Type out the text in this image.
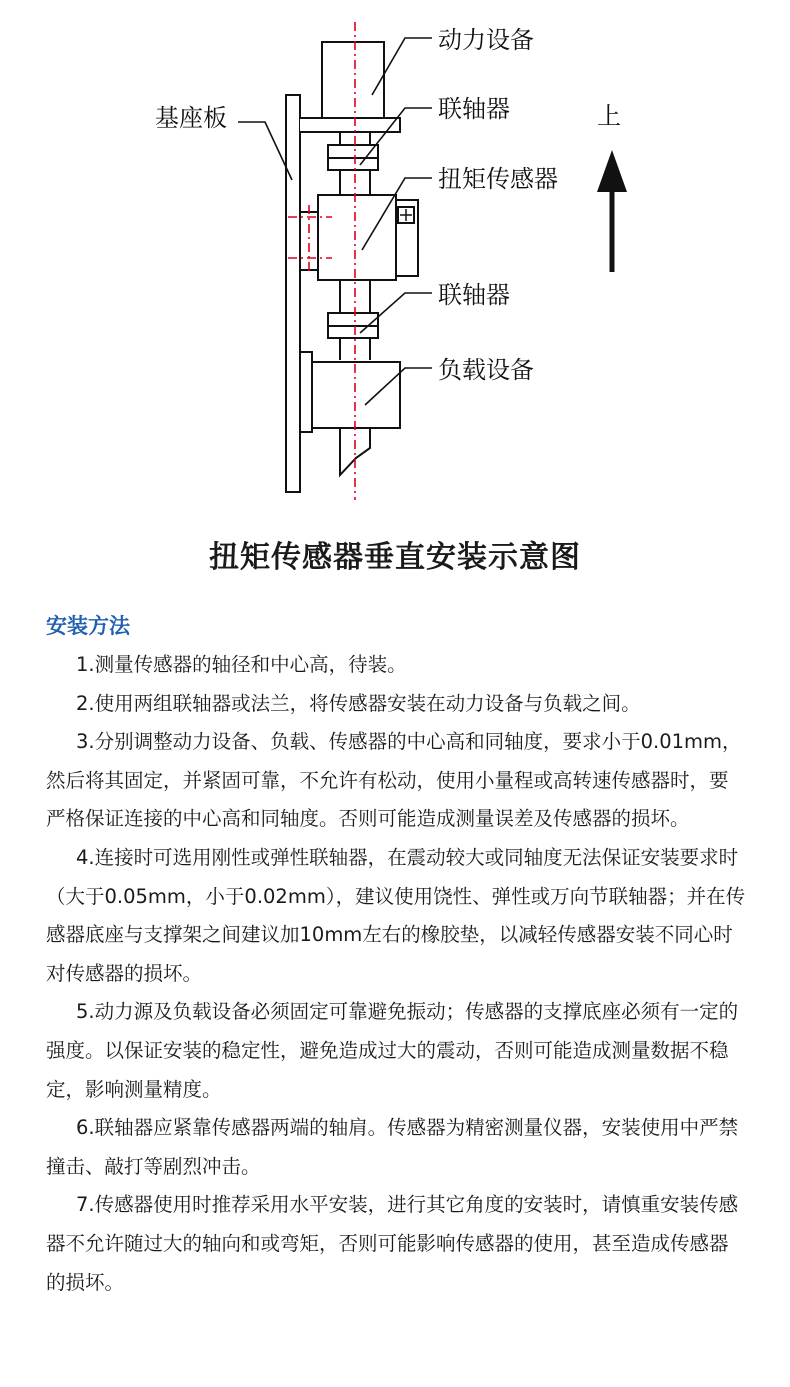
动力设备
基座板	联轴器	上
扭矩传感器
联轴器
负载设备
扭矩传感器垂直安装示意图
安装方法

1.测量传感器的轴径和中心高，待装。

2.使用两组联轴器或法兰，将传感器安装在动力设备与负载之间。

3.分别调整动力设备、负载、传感器的中心高和同轴度，要求小于0.01mm，然后将其固定，并紧固可靠，不允许有松动，使用小量程或高转速传感器时，要严格保证连接的中心高和同轴度。否则可能造成测量误差及传感器的损坏。

4.连接时可选用刚性或弹性联轴器，在震动较大或同轴度无法保证安装要求时（大于0.05mm，小于0.02mm），建议使用饶性、弹性或万向节联轴器；并在传感器底座与支撑架之间建议加10mm左右的橡胶垫，以减轻传感器安装不同心时对传感器的损坏。

5.动力源及负载设备必须固定可靠避免振动；传感器的支撑底座必须有一定的强度。以保证安装的稳定性，避免造成过大的震动，否则可能造成测量数据不稳定，影响测量精度。

6.联轴器应紧靠传感器两端的轴肩。传感器为精密测量仪器，安装使用中严禁撞击、敲打等剧烈冲击。

7.传感器使用时推荐采用水平安装，进行其它角度的安装时，请慎重安装传感器不允许随过大的轴向和或弯矩，否则可能影响传感器的使用，甚至造成传感器的损坏。
